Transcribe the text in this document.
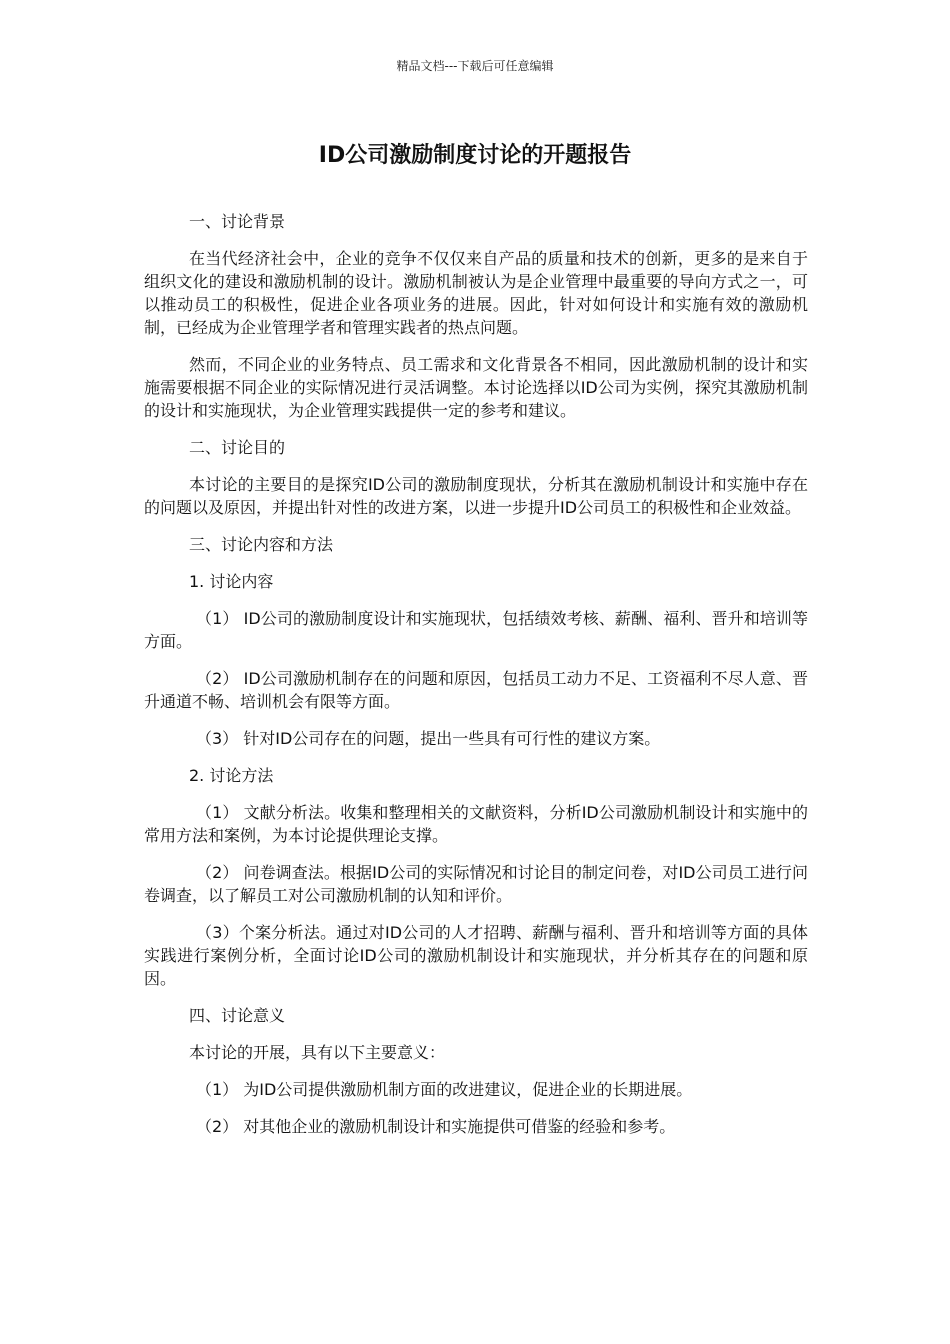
精品文档---下载后可任意编辑
ID公司激励制度讨论的开题报告

一、讨论背景

在当代经济社会中，企业的竞争不仅仅来自产品的质量和技术的创新，更多的是来自于组织文化的建设和激励机制的设计。激励机制被认为是企业管理中最重要的导向方式之一，可以推动员工的积极性，促进企业各项业务的进展。因此，针对如何设计和实施有效的激励机制，已经成为企业管理学者和管理实践者的热点问题。

然而，不同企业的业务特点、员工需求和文化背景各不相同，因此激励机制的设计和实施需要根据不同企业的实际情况进行灵活调整。本讨论选择以ID公司为实例，探究其激励机制的设计和实施现状，为企业管理实践提供一定的参考和建议。

二、讨论目的

本讨论的主要目的是探究ID公司的激励制度现状，分析其在激励机制设计和实施中存在的问题以及原因，并提出针对性的改进方案，以进一步提升ID公司员工的积极性和企业效益。

三、讨论内容和方法

1. 讨论内容

（1） ID公司的激励制度设计和实施现状，包括绩效考核、薪酬、福利、晋升和培训等方面。

（2） ID公司激励机制存在的问题和原因，包括员工动力不足、工资福利不尽人意、晋升通道不畅、培训机会有限等方面。

（3） 针对ID公司存在的问题，提出一些具有可行性的建议方案。

2. 讨论方法

（1） 文献分析法。收集和整理相关的文献资料，分析ID公司激励机制设计和实施中的常用方法和案例，为本讨论提供理论支撑。

（2） 问卷调查法。根据ID公司的实际情况和讨论目的制定问卷，对ID公司员工进行问卷调查，以了解员工对公司激励机制的认知和评价。

（3）个案分析法。通过对ID公司的人才招聘、薪酬与福利、晋升和培训等方面的具体实践进行案例分析，全面讨论ID公司的激励机制设计和实施现状，并分析其存在的问题和原因。

四、讨论意义

本讨论的开展，具有以下主要意义：

（1） 为ID公司提供激励机制方面的改进建议，促进企业的长期进展。

（2） 对其他企业的激励机制设计和实施提供可借鉴的经验和参考。
